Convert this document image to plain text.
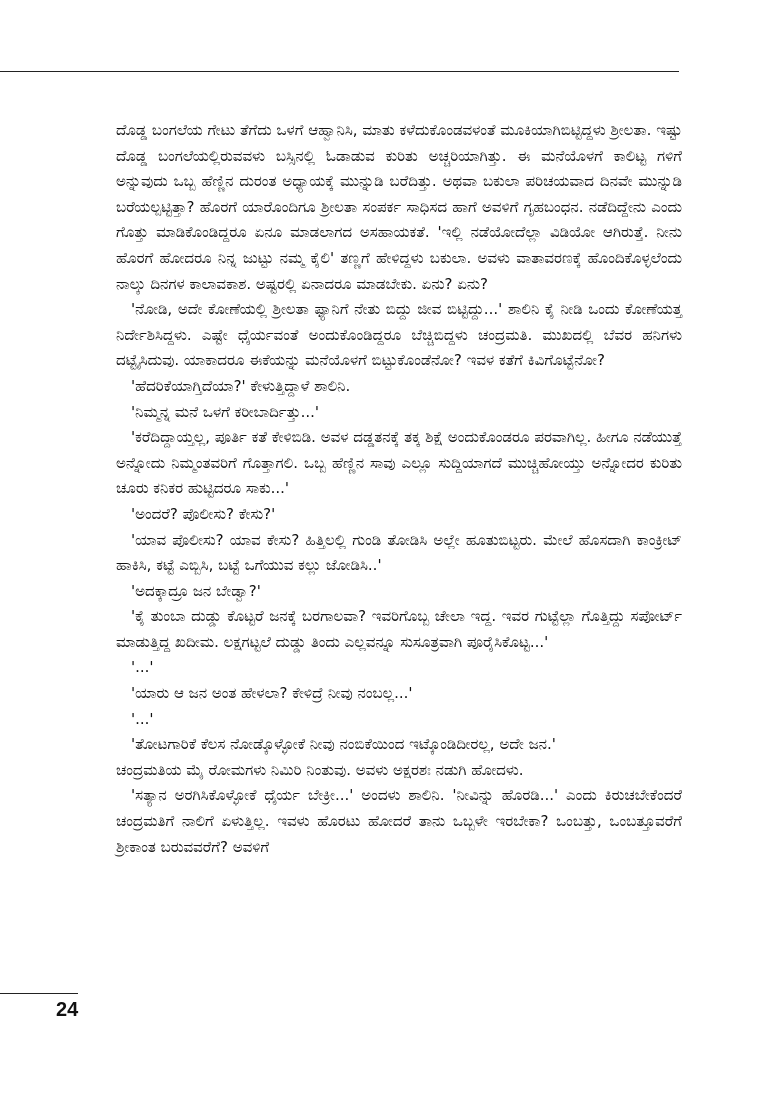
ದೊಡ್ಡ ಬಂಗಲೆಯ ಗೇಟು ತೆಗೆದು ಒಳಗೆ ಆಹ್ವಾನಿಸಿ, ಮಾತು ಕಳೆದುಕೊಂಡವಳಂತೆ ಮೂಕಿಯಾಗಿಬಿಟ್ಟಿದ್ದಳು ಶ್ರೀಲತಾ. ಇಷ್ಟು ದೊಡ್ಡ ಬಂಗಲೆಯಲ್ಲಿರುವವಳು ಬಸ್ಸಿನಲ್ಲಿ ಓಡಾಡುವ ಕುರಿತು ಅಚ್ಚರಿಯಾಗಿತ್ತು. ಈ ಮನೆಯೊಳಗೆ ಕಾಲಿಟ್ಟ ಗಳಿಗೆ ಅನ್ನುವುದು ಒಬ್ಬ ಹೆಣ್ಣಿನ ದುರಂತ ಅಧ್ಯಾಯಕ್ಕೆ ಮುನ್ನುಡಿ ಬರೆದಿತ್ತು. ಅಥವಾ ಬಕುಲಾ ಪರಿಚಯವಾದ ದಿನವೇ ಮುನ್ನುಡಿ ಬರೆಯಲ್ಪಟ್ಟಿತ್ತಾ? ಹೊರಗೆ ಯಾರೊಂದಿಗೂ ಶ್ರೀಲತಾ ಸಂಪರ್ಕ ಸಾಧಿಸದ ಹಾಗೆ ಅವಳಿಗೆ ಗೃಹಬಂಧನ. ನಡೆದಿದ್ದೇನು ಎಂದು ಗೊತ್ತು ಮಾಡಿಕೊಂಡಿದ್ದರೂ ಏನೂ ಮಾಡಲಾಗದ ಅಸಹಾಯಕತೆ. 'ಇಲ್ಲಿ ನಡೆಯೋದೆಲ್ಲಾ ವಿಡಿಯೋ ಆಗಿರುತ್ತೆ. ನೀನು ಹೊರಗೆ ಹೋದರೂ ನಿನ್ನ ಜುಟ್ಟು ನಮ್ಮ ಕೈಲಿ' ತಣ್ಣಗೆ ಹೇಳಿದ್ದಳು ಬಕುಲಾ. ಅವಳು ವಾತಾವರಣಕ್ಕೆ ಹೊಂದಿಕೊಳ್ಳಲೆಂದು ನಾಲ್ಕು ದಿನಗಳ ಕಾಲಾವಕಾಶ. ಅಷ್ಟರಲ್ಲಿ ಏನಾದರೂ ಮಾಡಬೇಕು. ಏನು? ಏನು?

'ನೋಡಿ, ಅದೇ ಕೋಣೆಯಲ್ಲಿ ಶ್ರೀಲತಾ ಫ್ಯಾನಿಗೆ ನೇತು ಬಿದ್ದು ಜೀವ ಬಿಟ್ಟಿದ್ದು...' ಶಾಲಿನಿ ಕೈ ನೀಡಿ ಒಂದು ಕೋಣೆಯತ್ತ ನಿರ್ದೇಶಿಸಿದ್ದಳು. ಎಷ್ಟೇ ಧೈರ್ಯವಂತೆ ಅಂದುಕೊಂಡಿದ್ದರೂ ಬೆಚ್ಚಿಬಿದ್ದಳು ಚಂದ್ರಮತಿ. ಮುಖದಲ್ಲಿ ಬೆವರ ಹನಿಗಳು ದಟ್ಟೈಸಿದುವು. ಯಾಕಾದರೂ ಈಕೆಯನ್ನು ಮನೆಯೊಳಗೆ ಬಿಟ್ಟುಕೊಂಡೆನೋ? ಇವಳ ಕತೆಗೆ ಕಿವಿಗೊಟ್ಟೆನೋ?

'ಹೆದರಿಕೆಯಾಗ್ತಿದೆಯಾ?' ಕೇಳುತ್ತಿದ್ದಾಳೆ ಶಾಲಿನಿ.

'ನಿಮ್ಮನ್ನ ಮನೆ ಒಳಗೆ ಕರೀಬಾರ್ದಿತ್ತು...'

'ಕರೆದಿದ್ದಾಯ್ತಲ್ಲ, ಪೂರ್ತಿ ಕತೆ ಕೇಳಿಬಿಡಿ. ಅವಳ ದಡ್ಡತನಕ್ಕೆ ತಕ್ಕ ಶಿಕ್ಷೆ ಅಂದುಕೊಂಡರೂ ಪರವಾಗಿಲ್ಲ. ಹೀಗೂ ನಡೆಯುತ್ತೆ ಅನ್ನೋದು ನಿಮ್ಮಂತವರಿಗೆ ಗೊತ್ತಾಗಲಿ. ಒಬ್ಬ ಹೆಣ್ಣಿನ ಸಾವು ಎಲ್ಲೂ ಸುದ್ದಿಯಾಗದೆ ಮುಚ್ಚಿಹೋಯ್ತು ಅನ್ನೋದರ ಕುರಿತು ಚೂರು ಕನಿಕರ ಹುಟ್ಟಿದರೂ ಸಾಕು...'

'ಅಂದರೆ? ಪೊಲೀಸು? ಕೇಸು?'

'ಯಾವ ಪೊಲೀಸು? ಯಾವ ಕೇಸು? ಹಿತ್ತಿಲಲ್ಲಿ ಗುಂಡಿ ತೋಡಿಸಿ ಅಲ್ಲೇ ಹೂತುಬಿಟ್ಟರು. ಮೇಲೆ ಹೊಸದಾಗಿ ಕಾಂಕ್ರೀಟ್ ಹಾಕಿಸಿ, ಕಟ್ಟೆ ಎಬ್ಬಿಸಿ, ಬಟ್ಟೆ ಒಗೆಯುವ ಕಲ್ಲು ಜೋಡಿಸಿ..'

'ಅದಕ್ಕಾದ್ರೂ ಜನ ಬೇಡ್ವಾ?'

'ಕೈ ತುಂಬಾ ದುಡ್ಡು ಕೊಟ್ಟರೆ ಜನಕ್ಕೆ ಬರಗಾಲವಾ? ಇವರಿಗೊಬ್ಬ ಚೇಲಾ ಇದ್ದ. ಇವರ ಗುಟ್ಟೆಲ್ಲಾ ಗೊತ್ತಿದ್ದು ಸಪೋರ್ಟ್ ಮಾಡುತ್ತಿದ್ದ ಖದೀಮ. ಲಕ್ಷಗಟ್ಟಲೆ ದುಡ್ಡು ತಿಂದು ಎಲ್ಲವನ್ನೂ ಸುಸೂತ್ರವಾಗಿ ಪೂರೈಸಿಕೊಟ್ಟ...'

'...'

'ಯಾರು ಆ ಜನ ಅಂತ ಹೇಳಲಾ? ಕೇಳಿದ್ರೆ ನೀವು ನಂಬಲ್ಲ...'

'...'

'ತೋಟಗಾರಿಕೆ ಕೆಲಸ ನೋಡ್ಕೊಳ್ಳೋಕೆ ನೀವು ನಂಬಿಕೆಯಿಂದ ಇಟ್ಕೊಂಡಿದೀರಲ್ಲ, ಅದೇ ಜನ.'

ಚಂದ್ರಮತಿಯ ಮೈ ರೋಮಗಳು ನಿಮಿರಿ ನಿಂತುವು. ಅವಳು ಅಕ್ಷರಶಃ ನಡುಗಿ ಹೋದಳು.

'ಸತ್ಯಾನ ಅರಗಿಸಿಕೊಳ್ಳೋಕೆ ಧೈರ್ಯ ಬೇಕ್ರೀ...' ಅಂದಳು ಶಾಲಿನಿ. 'ನೀವಿನ್ನು ಹೊರಡಿ...' ಎಂದು ಕಿರುಚಬೇಕೆಂದರೆ ಚಂದ್ರಮತಿಗೆ ನಾಲಿಗೆ ಏಳುತ್ತಿಲ್ಲ. ಇವಳು ಹೊರಟು ಹೋದರೆ ತಾನು ಒಬ್ಬಳೇ ಇರಬೇಕಾ? ಒಂಬತ್ತು, ಒಂಬತ್ತೂವರೆಗೆ ಶ್ರೀಕಾಂತ ಬರುವವರೆಗೆ? ಅವಳಿಗೆ

24
